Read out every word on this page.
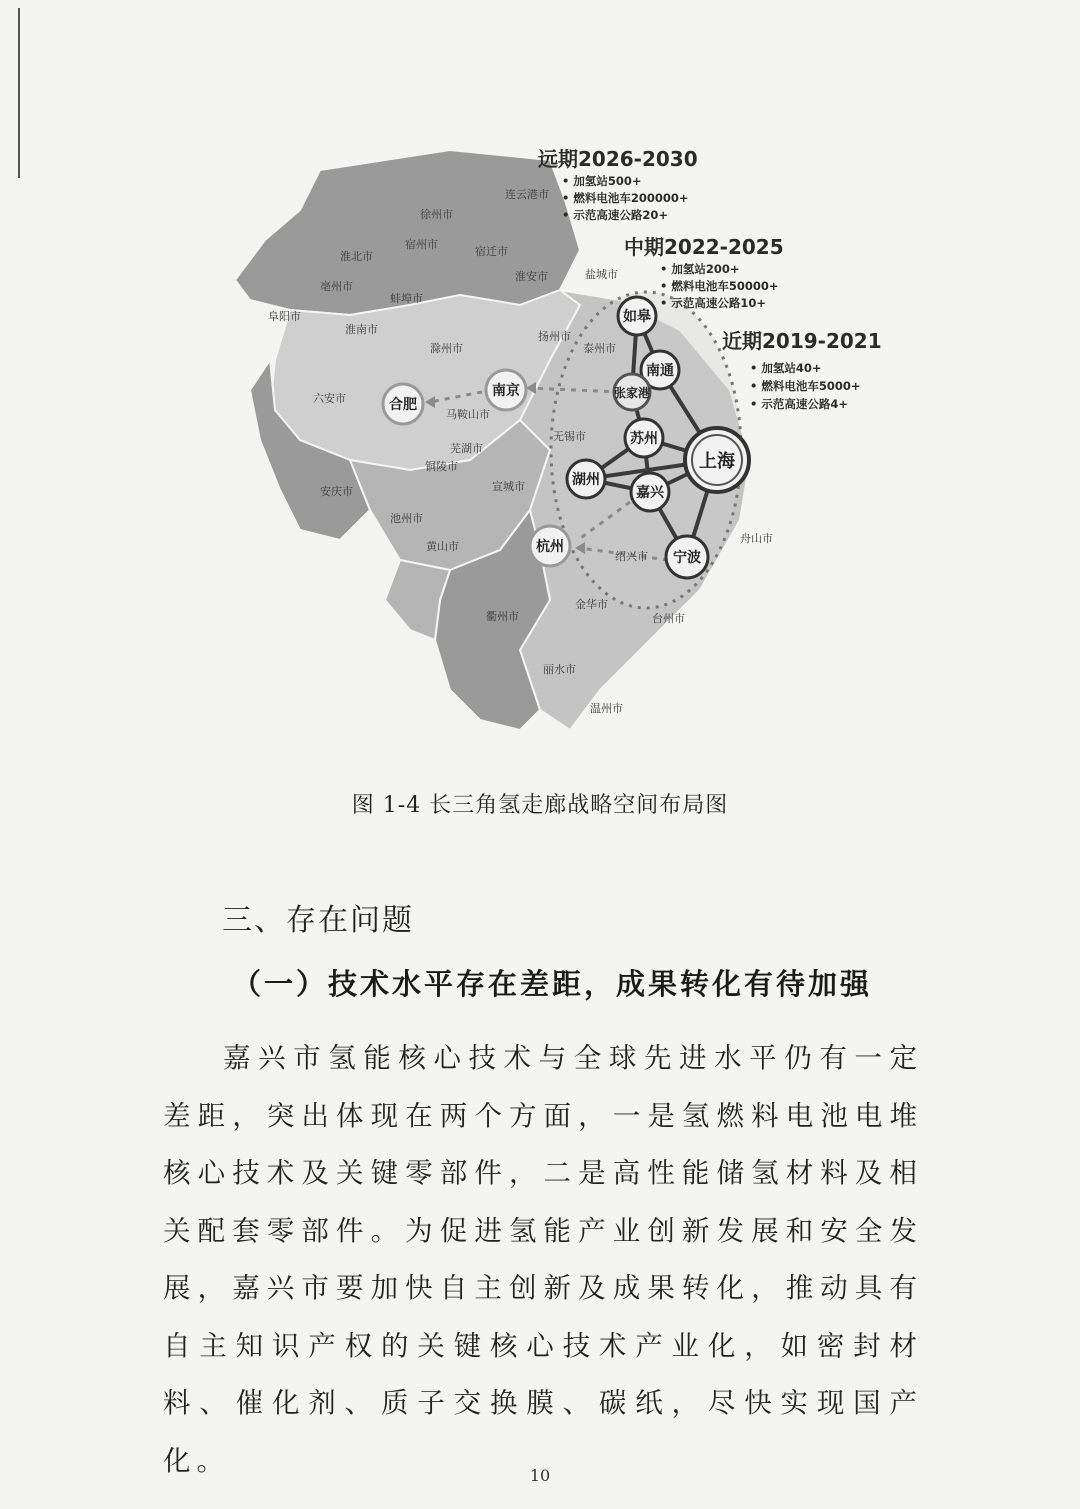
连云港市
徐州市
宿州市
淮北市	宿迁市
淮安市	盐城市
亳州市
蚌埠市
阜阳市
淮南市
滁州市
扬州市
泰州市
六安市
马鞍山市
无锡市
芜湖市
铜陵市
安庆市	宣城市
池州市
黄山市
绍兴市
舟山市
金华市
衢州市	台州市
丽水市
温州市
如皋
南通
张家港
苏州
上海
湖州
嘉兴
宁波
杭州
南京
合肥
远期2026-2030
• 加氢站500+
• 燃料电池车200000+
• 示范高速公路20+
中期2022-2025
• 加氢站200+
• 燃料电池车50000+
• 示范高速公路10+
近期2019-2021
• 加氢站40+
• 燃料电池车5000+
• 示范高速公路4+
图 1-4 长三角氢走廊战略空间布局图
三、存在问题
（一）技术水平存在差距，成果转化有待加强

嘉兴市氢能核心技术与全球先进水平仍有一定差距，突出体现在两个方面，一是氢燃料电池电堆核心技术及关键零部件，二是高性能储氢材料及相关配套零部件。为促进氢能产业创新发展和安全发展，嘉兴市要加快自主创新及成果转化，推动具有自主知识产权的关键核心技术产业化，如密封材料、催化剂、质子交换膜、碳纸，尽快实现国产化。	10
